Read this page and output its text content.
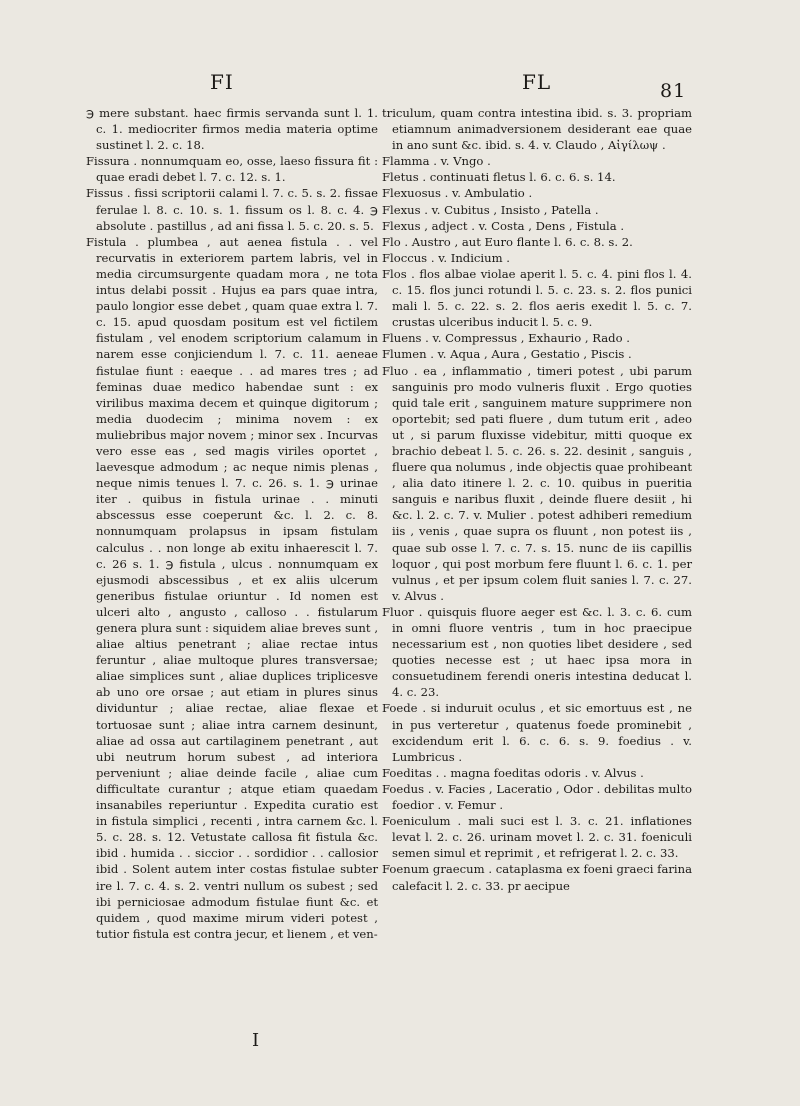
FI	FL	81

℈ mere substant. haec firmis servanda sunt l. 1. c. 1. mediocriter firmos media materia optime sustinet l. 2. c. 18.

Fissura . nonnumquam eo, osse, laeso fissura fit : quae eradi debet l. 7. c. 12. s. 1.

Fissus . fissi scriptorii calami l. 7. c. 5. s. 2. fissae ferulae l. 8. c. 10. s. 1. fissum os l. 8. c. 4. ℈ absolute . pastillus , ad ani fissa l. 5. c. 20. s. 5.

Fistula . plumbea , aut aenea fistula . . vel recurvatis in exteriorem partem labris, vel in media circumsurgente quadam mora , ne tota intus delabi possit . Hujus ea pars quae intra, paulo longior esse debet , quam quae extra l. 7. c. 15. apud quosdam positum est vel fictilem fistulam , vel enodem scriptorium calamum in narem esse conjiciendum l. 7. c. 11. aeneae fistulae fiunt : eaeque . . ad mares tres ; ad feminas duae medico habendae sunt : ex virilibus maxima decem et quinque digitorum ; media duodecim ; minima novem : ex muliebribus major novem ; minor sex . Incurvas vero esse eas , sed magis viriles oportet , laevesque admodum ; ac neque nimis plenas , neque nimis tenues l. 7. c. 26. s. 1. ℈ urinae iter . quibus in fistula urinae . . minuti abscessus esse coeperunt &c. l. 2. c. 8. nonnumquam prolapsus in ipsam fistulam calculus . . non longe ab exitu inhaerescit l. 7. c. 26 s. 1. ℈ fistula , ulcus . nonnumquam ex ejusmodi abscessibus , et ex aliis ulcerum generibus fistulae oriuntur . Id nomen est ulceri alto , angusto , calloso . . fistularum genera plura sunt : siquidem aliae breves sunt , aliae altius penetrant ; aliae rectae intus feruntur , aliae multoque plures transversae; aliae simplices sunt , aliae duplices triplicesve ab uno ore orsae ; aut etiam in plures sinus dividuntur ; aliae rectae, aliae flexae et tortuosae sunt ; aliae intra carnem desinunt, aliae ad ossa aut cartilaginem penetrant , aut ubi neutrum horum subest , ad interiora perveniunt ; aliae deinde facile , aliae cum difficultate curantur ; atque etiam quaedam insanabiles reperiuntur . Expedita curatio est in fistula simplici , recenti , intra carnem &c. l. 5. c. 28. s. 12. Vetustate callosa fit fistula &c. ibid . humida . . siccior . . sordidior . . callosior ibid . Solent autem inter costas fistulae subter ire l. 7. c. 4. s. 2. ventri nullum os subest ; sed ibi perniciosae admodum fistulae fiunt &c. et quidem , quod maxime mirum videri potest , tutior fistula est contra jecur, et lienem , et ven-

triculum, quam contra intestina ibid. s. 3. propriam etiamnum animadversionem desiderant eae quae in ano sunt &c. ibid. s. 4. v. Claudo , Αἰγίλωψ .

Flamma . v. Vngo .

Fletus . continuati fletus l. 6. c. 6. s. 14.

Flexuosus . v. Ambulatio .

Flexus . v. Cubitus , Insisto , Patella .

Flexus , adject . v. Costa , Dens , Fistula .

Flo . Austro , aut Euro flante l. 6. c. 8. s. 2.

Floccus . v. Indicium .

Flos . flos albae violae aperit l. 5. c. 4. pini flos l. 4. c. 15. flos junci rotundi l. 5. c. 23. s. 2. flos punici mali l. 5. c. 22. s. 2. flos aeris exedit l. 5. c. 7. crustas ulceribus inducit l. 5. c. 9.

Fluens . v. Compressus , Exhaurio , Rado .

Flumen . v. Aqua , Aura , Gestatio , Piscis .

Fluo . ea , inflammatio , timeri potest , ubi parum sanguinis pro modo vulneris fluxit . Ergo quoties quid tale erit , sanguinem mature supprimere non oportebit; sed pati fluere , dum tutum erit , adeo ut , si parum fluxisse videbitur, mitti quoque ex brachio debeat l. 5. c. 26. s. 22. desinit , sanguis , fluere qua nolumus , inde objectis quae prohibeant , alia dato itinere l. 2. c. 10. quibus in pueritia sanguis e naribus fluxit , deinde fluere desiit , hi &c. l. 2. c. 7. v. Mulier . potest adhiberi remedium iis , venis , quae supra os fluunt , non potest iis , quae sub osse l. 7. c. 7. s. 15. nunc de iis capillis loquor , qui post morbum fere fluunt l. 6. c. 1. per vulnus , et per ipsum colem fluit sanies l. 7. c. 27. v. Alvus .

Fluor . quisquis fluore aeger est &c. l. 3. c. 6. cum in omni fluore ventris , tum in hoc praecipue necessarium est , non quoties libet desidere , sed quoties necesse est ; ut haec ipsa mora in consuetudinem ferendi oneris intestina deducat l. 4. c. 23.

Foede . si induruit oculus , et sic emortuus est , ne in pus verteretur , quatenus foede prominebit , excidendum erit l. 6. c. 6. s. 9. foedius . v. Lumbricus .

Foeditas . . magna foeditas odoris . v. Alvus .

Foedus . v. Facies , Laceratio , Odor . debilitas multo foedior . v. Femur .

Foeniculum . mali suci est l. 3. c. 21. inflationes levat l. 2. c. 26. urinam movet l. 2. c. 31. foeniculi semen simul et reprimit , et refrigerat l. 2. c. 33.

Foenum graecum . cataplasma ex foeni graeci farina calefacit l. 2. c. 33. pr aecipue

I
